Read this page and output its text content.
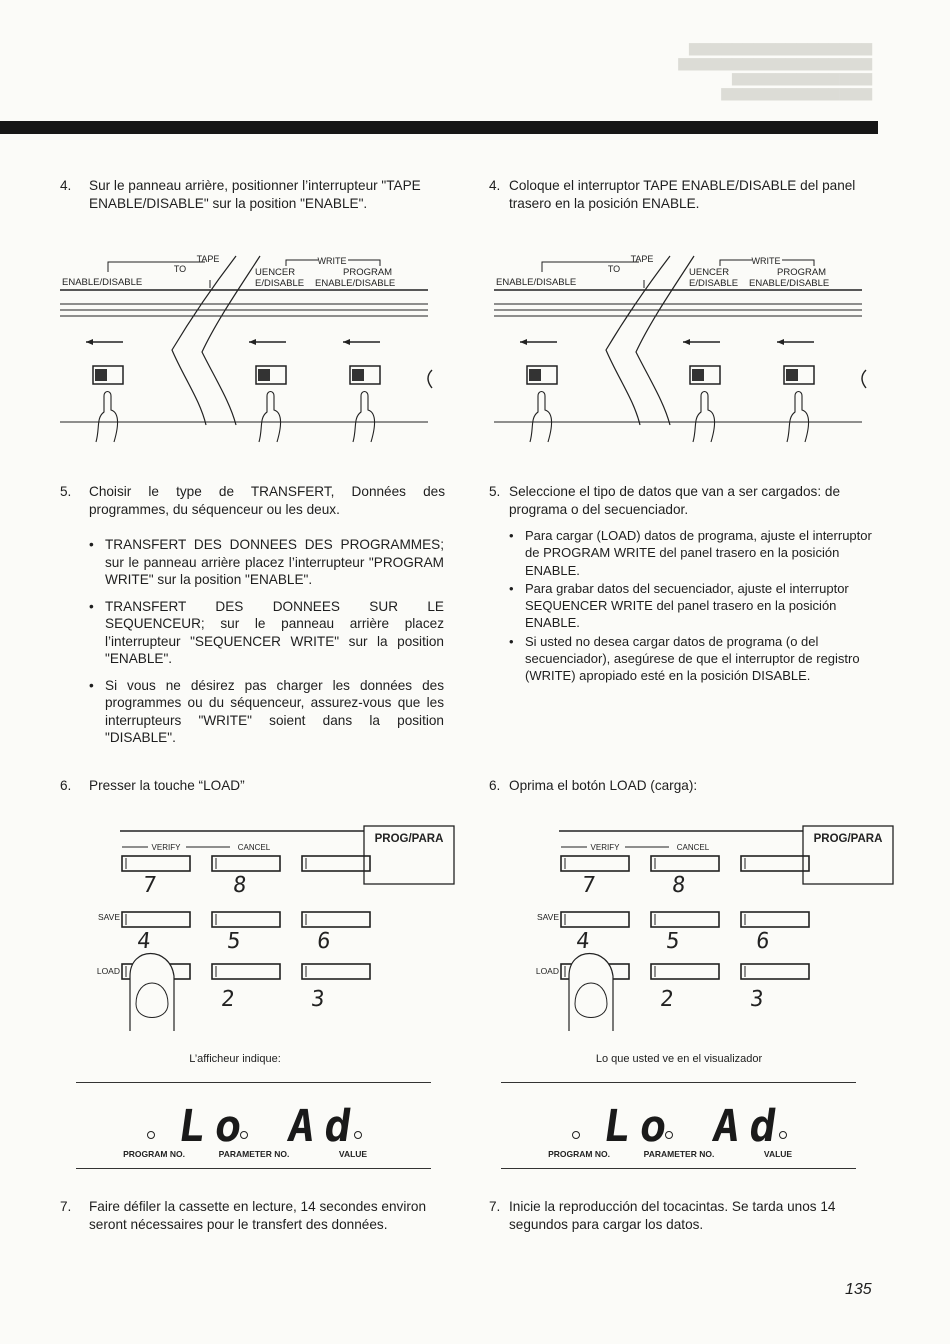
▆▆▆▆▆▆▆▆▆▆▆▆▆▆▆▆▆
▆▆▆▆▆▆▆▆▆▆▆▆▆▆▆▆▆▆
▆▆▆▆▆▆▆▆▆▆▆▆▆
▆▆▆▆▆▆▆▆▆▆▆▆▆▆
4. Sur le panneau arrière, positionner l’interrupteur "TAPE ENABLE/DISABLE" sur la position "ENABLE".
TAPE
TO
ENABLE/DISABLE
WRITE
UENCER
E/DISABLE
PROGRAM
ENABLE/DISABLE
5. Choisir le type de TRANSFERT, Données des programmes, du séquenceur ou les deux.
• TRANSFERT DES DONNEES DES PROGRAMMES; sur le panneau arrière placez l’interrupteur "PROGRAM WRITE" sur la position "ENABLE".
• TRANSFERT DES DONNEES SUR LE SEQUENCEUR; sur le panneau arrière placez l’interrupteur "SEQUENCER WRITE" sur la position "ENABLE".
• Si vous ne désirez pas charger les données des programmes ou du séquenceur, assurez-vous que les interrupteurs "WRITE" soient dans la position "DISABLE".
6. Presser la touche “LOAD”
PROG/PARA
VERIFY	CANCEL
SAVE
LOAD
7	8
4	5	6
2	3
L’afficheur indique:
Lo Ad
PROGRAM NO.	PARAMETER NO.	VALUE
7. Faire défiler la cassette en lecture, 14 secondes environ seront nécessaires pour le transfert des données.
4. Coloque el interruptor TAPE ENABLE/DISABLE del panel trasero en la posición ENABLE.
TAPE
TO
ENABLE/DISABLE
WRITE
UENCER
E/DISABLE
PROGRAM
ENABLE/DISABLE
5. Seleccione el tipo de datos que van a ser cargados: de programa o del secuenciador.
• Para cargar (LOAD) datos de programa, ajuste el interruptor de PROGRAM WRITE del panel trasero en la posición ENABLE.
• Para grabar datos del secuenciador, ajuste el interruptor SEQUENCER WRITE del panel trasero en la posición ENABLE.
• Si usted no desea cargar datos de programa (o del secuenciador), asegúrese de que el interruptor de registro (WRITE) apropiado esté en la posición DISABLE.
6. Oprima el botón LOAD (carga):
PROG/PARA
VERIFY	CANCEL
SAVE
LOAD
7	8
4	5	6
2	3
Lo que usted ve en el visualizador
Lo Ad
PROGRAM NO.	PARAMETER NO.	VALUE
7. Inicie la reproducción del tocacintas. Se tarda unos 14 segundos para cargar los datos.
135
